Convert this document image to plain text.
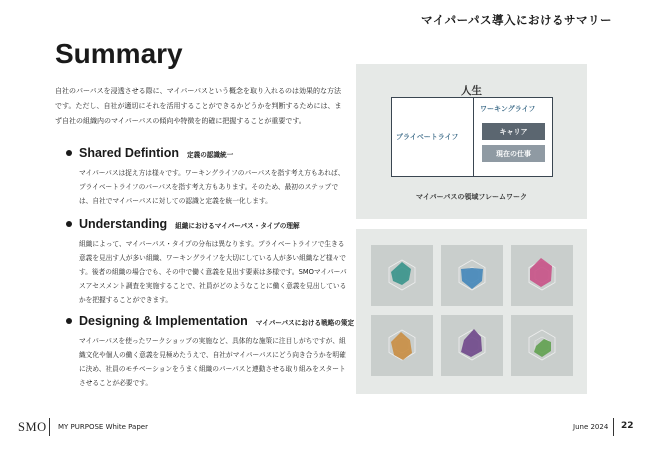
マイパーパス導入におけるサマリー
Summary
自社のパーパスを浸透させる際に、マイパーパスという概念を取り入れるのは効果的な方法です。ただし、自社が適切にそれを活用することができるかどうかを判断するためには、まず自社の組織内のマイパーパスの傾向や特徴を的確に把握することが重要です。
Shared Defintion 定義の認識統一
マイパーパスは捉え方は様々です。ワーキングライフのパーパスを指す考え方もあれば、プライベートライフのパーパスを指す考え方もあります。そのため、最初のステップでは、自社でマイパーパスに対しての認識と定義を統一化します。
Understanding 組織におけるマイパーパス・タイプの理解
組織によって、マイパーパス・タイプの分布は異なります。プライベートライフで生きる意義を見出す人が多い組織、ワーキングライフを大切にしている人が多い組織など様々です。後者の組織の場合でも、その中で働く意義を見出す要素は多様です。SMOマイパーパスアセスメント調査を実施することで、社員がどのようなことに働く意義を見出しているかを把握することができます。
Designing & Implementation マイパーパスにおける戦略の策定
マイパーパスを使ったワークショップの実施など、具体的な施策に注目しがちですが、組織文化や個人の働く意義を見極めたうえで、自社がマイパーパスにどう向き合うかを明確に決め、社員のモチベーションをうまく組織のパーパスと連動させる取り組みをスタートさせることが必要です。
人生
プライベートライフ
ワーキングライフ
キャリア
現在の仕事
マイパーパスの領域フレームワーク
SMO MY PURPOSE White Paper	June 2024 22
